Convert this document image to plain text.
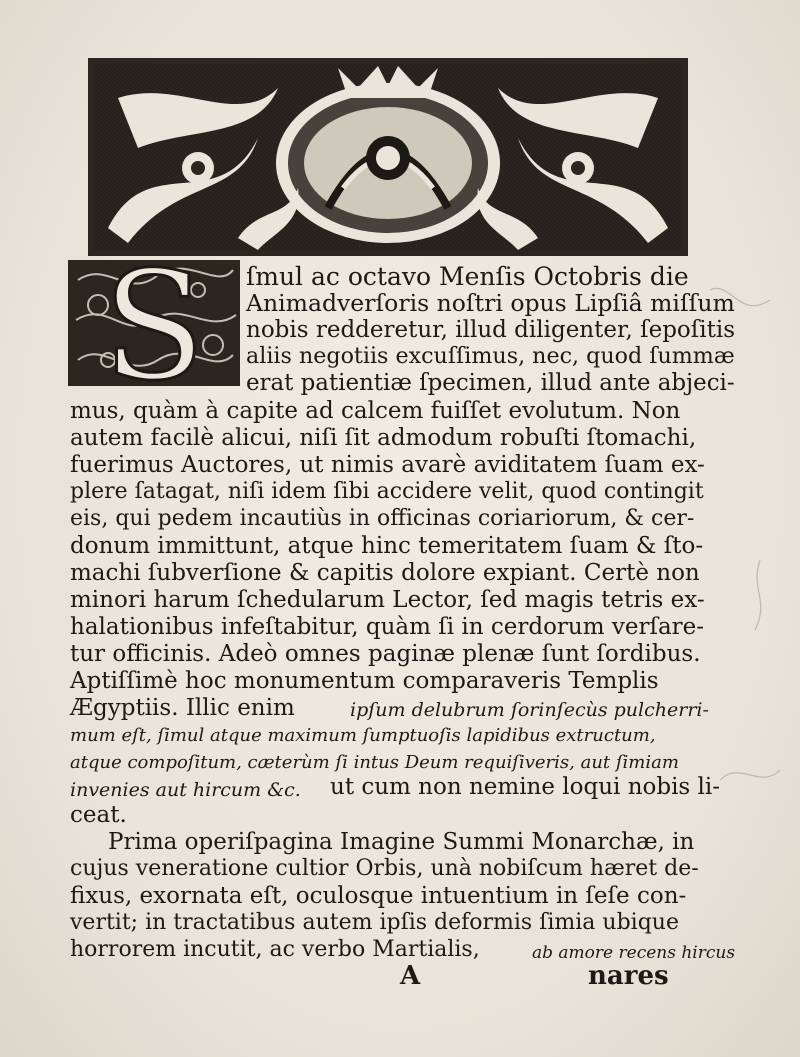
S ſmul ac octavo Menſis Octobris die
Animadverſoris noſtri opus Lipſiâ miſſum
nobis redderetur, illud diligenter, ſepoſitis
aliis negotiis excuſſimus, nec, quod ſummæ
erat patientiæ ſpecimen, illud ante abjeci-
mus, quàm à capite ad calcem fuiſſet evolutum. Non
autem facilè alicui, niſi ſit admodum robuſti ſtomachi,
fuerimus Auctores, ut nimis avarè aviditatem ſuam ex-
plere ſatagat, niſi idem ſibi accidere velit, quod contingit
eis, qui pedem incautiùs in officinas coriariorum, & cer-
donum immittunt, atque hinc temeritatem ſuam & ſto-
machi ſubverſione & capitis dolore expiant. Certè non
minori harum ſchedularum Lector, ſed magis tetris ex-
halationibus infeſtabitur, quàm ſi in cerdorum verſare-
tur officinis. Adeò omnes paginæ plenæ ſunt ſordibus.
Aptiſſimè hoc monumentum comparaveris Templis
Ægyptiis. Illic enim	ipſum delubrum ſorinſecùs pulcherri-
mum eſt, ſimul atque maximum ſumptuoſis lapidibus extructum,
atque compoſitum, cæterùm ſi intus Deum requiſiveris, aut ſimiam
invenies aut hircum &c. ut cum non nemine loqui nobis li-
ceat.
Prima operiſpagina Imagine Summi Monarchæ, in
cujus veneratione cultior Orbis, unà nobiſcum hæret de-
fixus, exornata eſt, oculosque intuentium in ſeſe con-
vertit; in tractatibus autem ipſis deformis ſimia ubique
horrorem incutit, ac verbo Martialis,	ab amore recens hircus
A	nares
